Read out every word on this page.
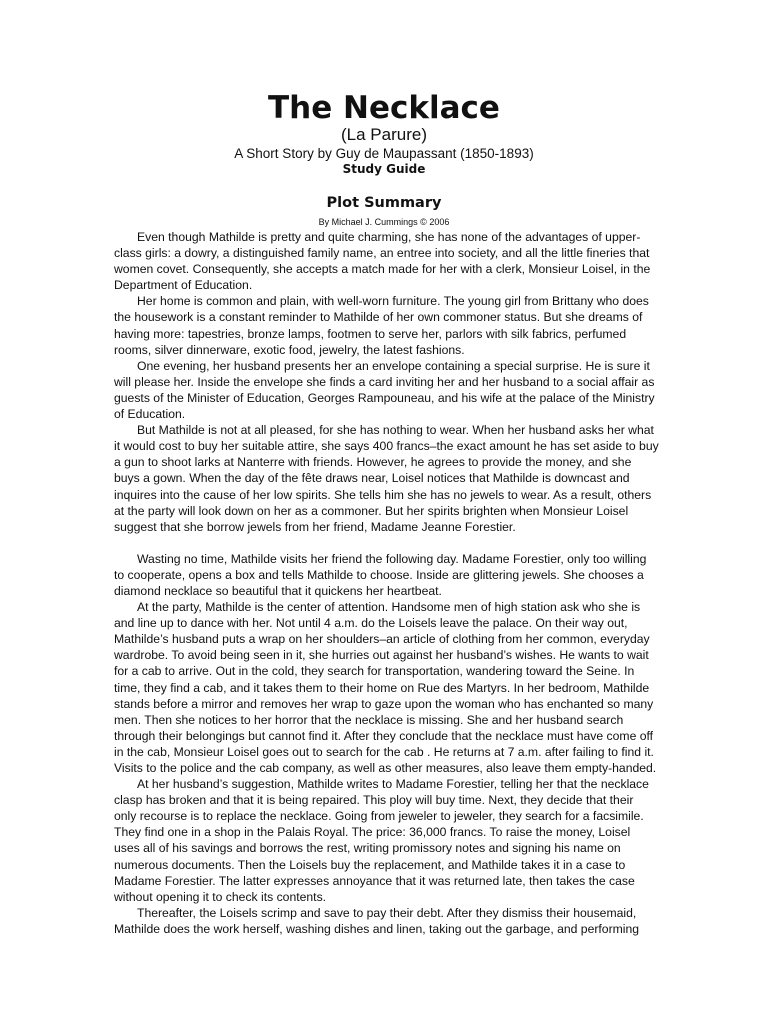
The Necklace
(La Parure)
A Short Story by Guy de Maupassant (1850-1893)
Study Guide
Plot Summary
By Michael J. Cummings © 2006

Even though Mathilde is pretty and quite charming, she has none of the advantages of upper-class girls: a dowry, a distinguished family name, an entree into society, and all the little fineries that women covet. Consequently, she accepts a match made for her with a clerk, Monsieur Loisel, in the Department of Education.

Her home is common and plain, with well-worn furniture. The young girl from Brittany who does the housework is a constant reminder to Mathilde of her own commoner status. But she dreams of having more: tapestries, bronze lamps, footmen to serve her, parlors with silk fabrics, perfumed rooms, silver dinnerware, exotic food, jewelry, the latest fashions.

One evening, her husband presents her an envelope containing a special surprise. He is sure it will please her. Inside the envelope she finds a card inviting her and her husband to a social affair as guests of the Minister of Education, Georges Rampouneau, and his wife at the palace of the Ministry of Education.

But Mathilde is not at all pleased, for she has nothing to wear. When her husband asks her what it would cost to buy her suitable attire, she says 400 francs–the exact amount he has set aside to buy a gun to shoot larks at Nanterre with friends. However, he agrees to provide the money, and she buys a gown. When the day of the fête draws near, Loisel notices that Mathilde is downcast and inquires into the cause of her low spirits. She tells him she has no jewels to wear. As a result, others at the party will look down on her as a commoner. But her spirits brighten when Monsieur Loisel suggest that she borrow jewels from her friend, Madame Jeanne Forestier.

Wasting no time, Mathilde visits her friend the following day. Madame Forestier, only too willing to cooperate, opens a box and tells Mathilde to choose. Inside are glittering jewels. She chooses a diamond necklace so beautiful that it quickens her heartbeat.

At the party, Mathilde is the center of attention. Handsome men of high station ask who she is and line up to dance with her. Not until 4 a.m. do the Loisels leave the palace. On their way out, Mathilde’s husband puts a wrap on her shoulders–an article of clothing from her common, everyday wardrobe. To avoid being seen in it, she hurries out against her husband’s wishes. He wants to wait for a cab to arrive. Out in the cold, they search for transportation, wandering toward the Seine. In time, they find a cab, and it takes them to their home on Rue des Martyrs. In her bedroom, Mathilde stands before a mirror and removes her wrap to gaze upon the woman who has enchanted so many men. Then she notices to her horror that the necklace is missing. She and her husband search through their belongings but cannot find it. After they conclude that the necklace must have come off in the cab, Monsieur Loisel goes out to search for the cab . He returns at 7 a.m. after failing to find it. Visits to the police and the cab company, as well as other measures, also leave them empty-handed.

At her husband’s suggestion, Mathilde writes to Madame Forestier, telling her that the necklace clasp has broken and that it is being repaired. This ploy will buy time. Next, they decide that their only recourse is to replace the necklace. Going from jeweler to jeweler, they search for a facsimile. They find one in a shop in the Palais Royal. The price: 36,000 francs. To raise the money, Loisel uses all of his savings and borrows the rest, writing promissory notes and signing his name on numerous documents. Then the Loisels buy the replacement, and Mathilde takes it in a case to Madame Forestier. The latter expresses annoyance that it was returned late, then takes the case without opening it to check its contents.

Thereafter, the Loisels scrimp and save to pay their debt. After they dismiss their housemaid, Mathilde does the work herself, washing dishes and linen, taking out the garbage, and performing
